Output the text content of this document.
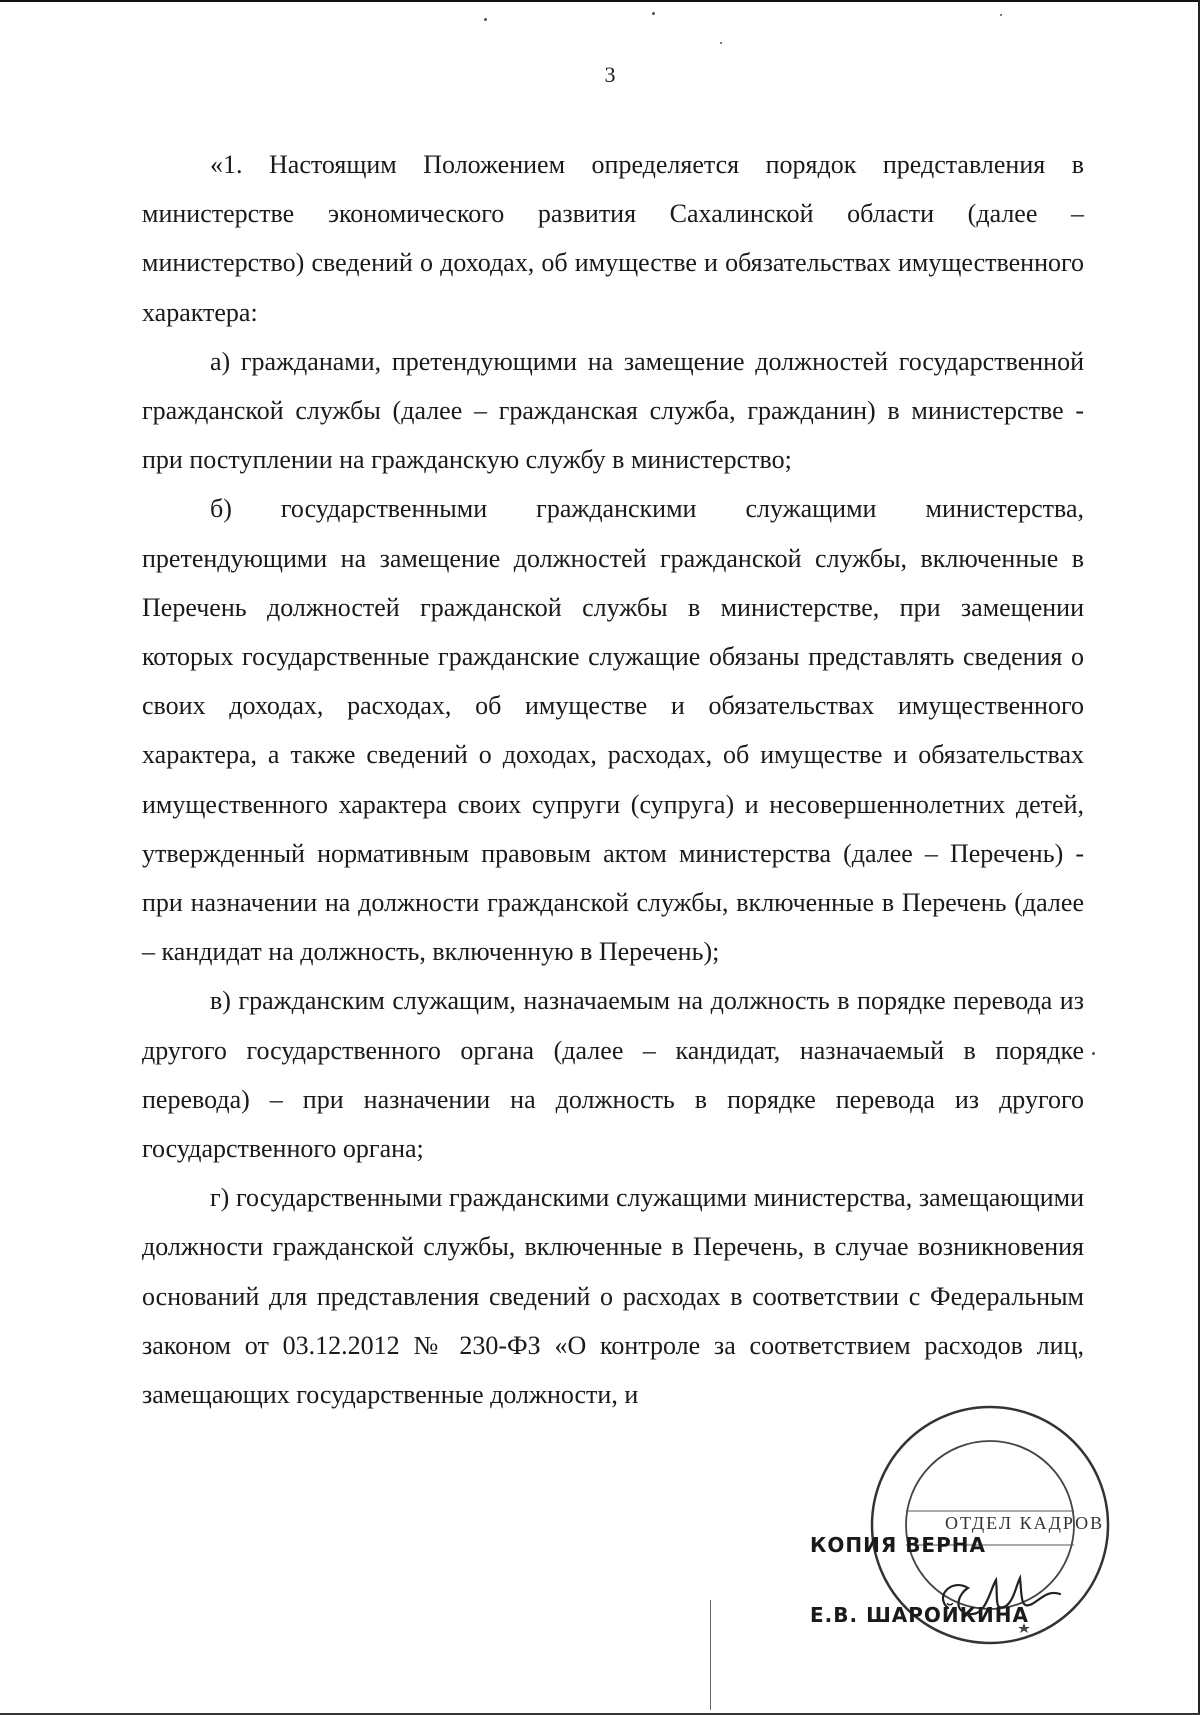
3

«1. Настоящим Положением определяется порядок представления в министерстве экономического развития Сахалинской области (далее – министерство) сведений о доходах, об имуществе и обязательствах имущественного характера:

а) гражданами, претендующими на замещение должностей государственной гражданской службы (далее – гражданская служба, гражданин) в министерстве - при поступлении на гражданскую службу в министерство;

б) государственными гражданскими служащими министерства, претендующими на замещение должностей гражданской службы, включенные в Перечень должностей гражданской службы в министерстве, при замещении которых государственные гражданские служащие обязаны представлять сведения о своих доходах, расходах, об имуществе и обязательствах имущественного характера, а также сведений о доходах, расходах, об имуществе и обязательствах имущественного характера своих супруги (супруга) и несовершеннолетних детей, утвержденный нормативным правовым актом министерства (далее – Перечень) - при назначении на должности гражданской службы, включенные в Перечень (далее – кандидат на должность, включенную в Перечень);

в) гражданским служащим, назначаемым на должность в порядке перевода из другого государственного органа (далее – кандидат, назначаемый в порядке перевода) – при назначении на должность в порядке перевода из другого государственного органа;

г) государственными гражданскими служащими министерства, замещающими должности гражданской службы, включенные в Перечень, в случае возникновения оснований для представления сведений о расходах в соответствии с Федеральным законом от 03.12.2012 № 230-ФЗ «О контроле за соответствием расходов лиц, замещающих государственные должности, и

ОТДЕЛ КАДРОВ
КОПИЯ ВЕРНА
Е.В. ШАРОЙКИНА
